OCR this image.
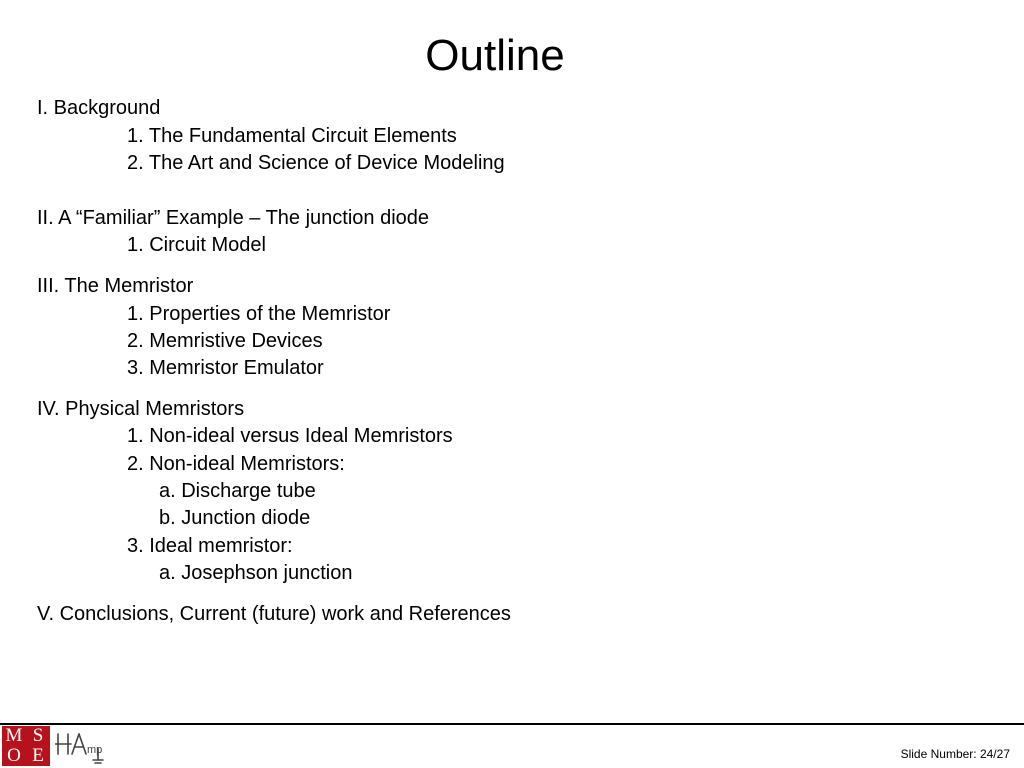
Outline
I. Background
1. The Fundamental Circuit Elements
2. The Art and Science of Device Modeling
II. A “Familiar” Example – The junction diode
1. Circuit Model
III. The Memristor
1. Properties of the Memristor
2. Memristive Devices
3. Memristor Emulator
IV. Physical Memristors
1. Non-ideal versus Ideal Memristors
2. Non-ideal Memristors:
a. Discharge tube
b. Junction diode
3. Ideal memristor:
a. Josephson junction
V. Conclusions, Current (future) work and References
M S
O E	mp	Slide Number: 24/27
